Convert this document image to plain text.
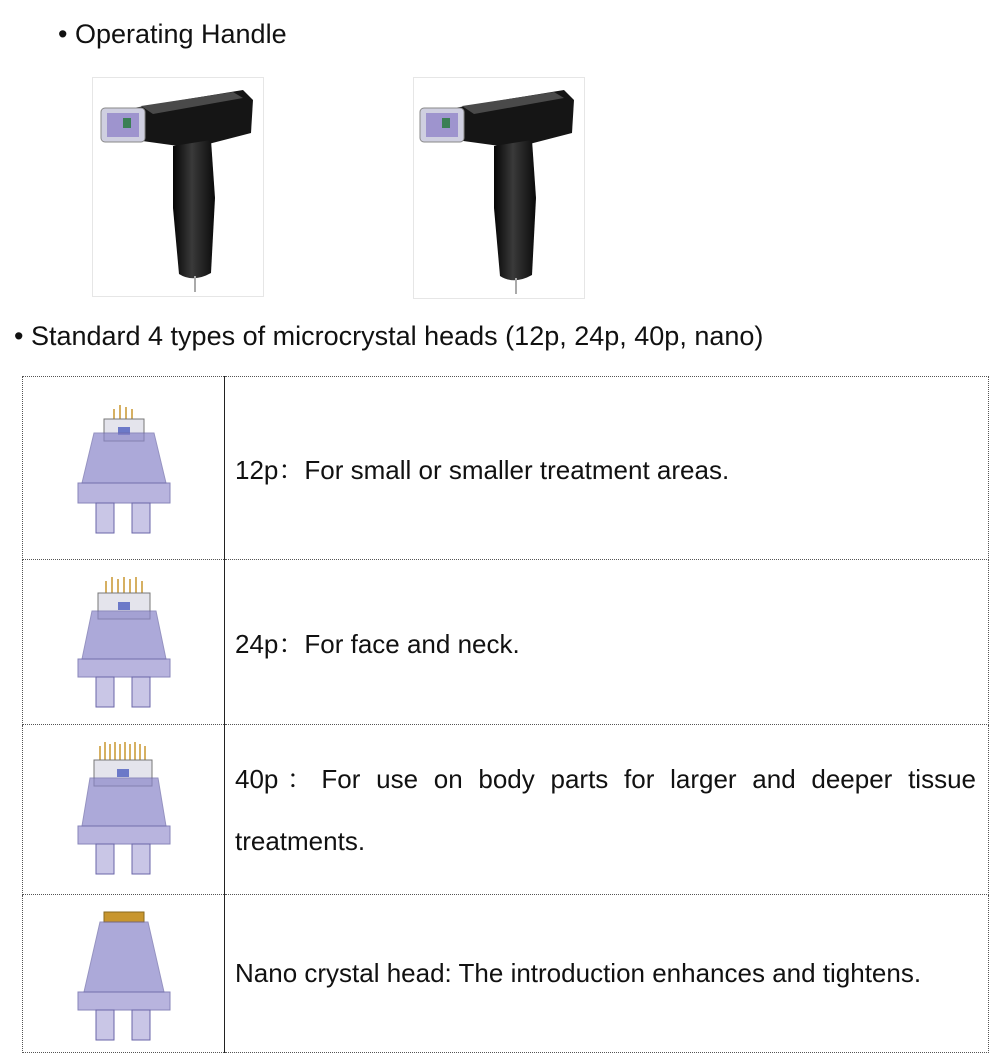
• Operating Handle
• Standard 4 types of microcrystal heads (12p, 24p, 40p, nano)
	12p：For small or smaller treatment areas.

	24p：For face and neck.

	40p：For use on body parts for larger and deeper tissue treatments.

	Nano crystal head: The introduction enhances and tightens.
